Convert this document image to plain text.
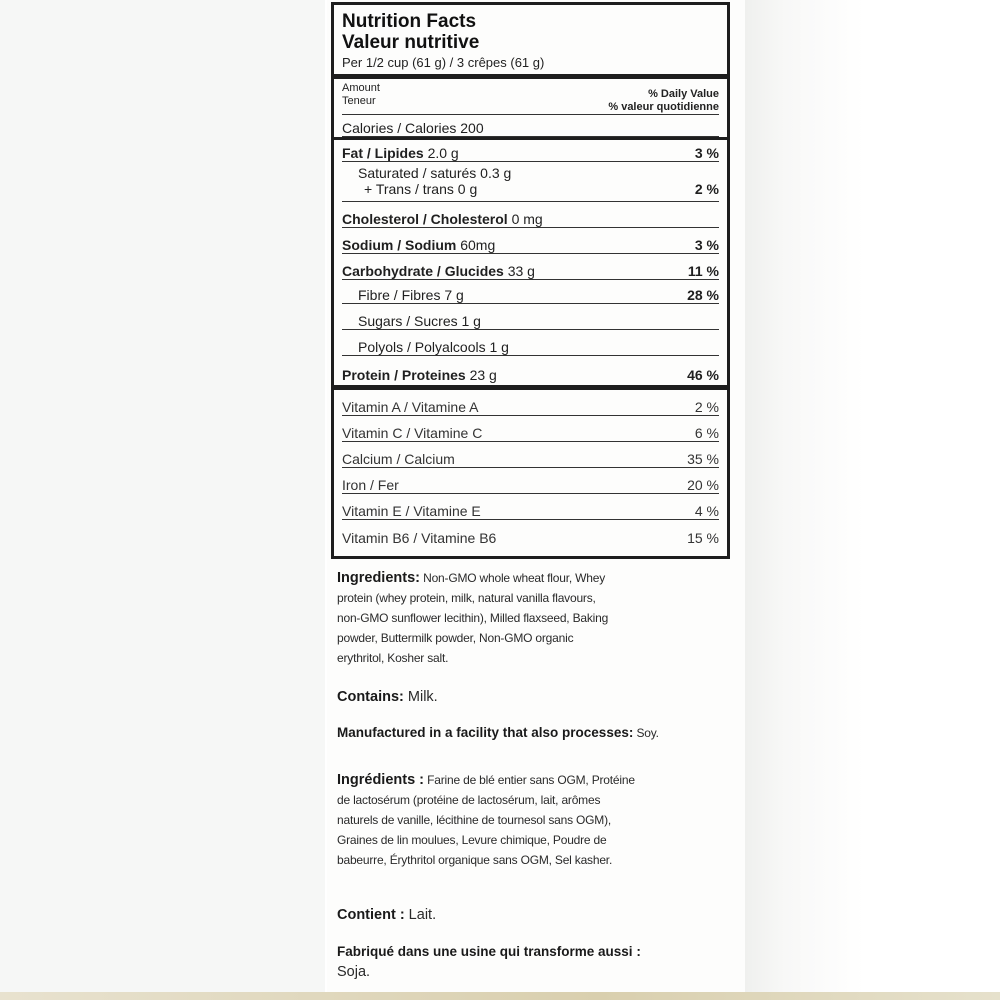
Nutrition Facts
Valeur nutritive
Per 1/2 cup (61 g) / 3 crêpes (61 g)
Amount
Teneur
% Daily Value
% valeur quotidienne
Calories / Calories 200
Fat / Lipides 2.0 g	3 %
Saturated / saturés 0.3 g
+ Trans / trans 0 g	2 %
Cholesterol / Cholesterol 0 mg
Sodium / Sodium 60mg	3 %
Carbohydrate / Glucides 33 g	11 %
Fibre / Fibres 7 g	28 %
Sugars / Sucres 1 g
Polyols / Polyalcools 1 g
Protein / Proteines 23 g	46 %
Vitamin A / Vitamine A	2 %
Vitamin C / Vitamine C	6 %
Calcium / Calcium	35 %
Iron / Fer	20 %
Vitamin E / Vitamine E	4 %
Vitamin B6 / Vitamine B6	15 %
Ingredients: Non-GMO whole wheat flour, Whey
protein (whey protein, milk, natural vanilla flavours,
non-GMO sunflower lecithin), Milled flaxseed, Baking
powder, Buttermilk powder, Non-GMO organic
erythritol, Kosher salt.
Contains: Milk.
Manufactured in a facility that also processes: Soy.
Ingrédients : Farine de blé entier sans OGM, Protéine
de lactosérum (protéine de lactosérum, lait, arômes
naturels de vanille, lécithine de tournesol sans OGM),
Graines de lin moulues, Levure chimique, Poudre de
babeurre, Érythritol organique sans OGM, Sel kasher.
Contient : Lait.
Fabriqué dans une usine qui transforme aussi :
Soja.
